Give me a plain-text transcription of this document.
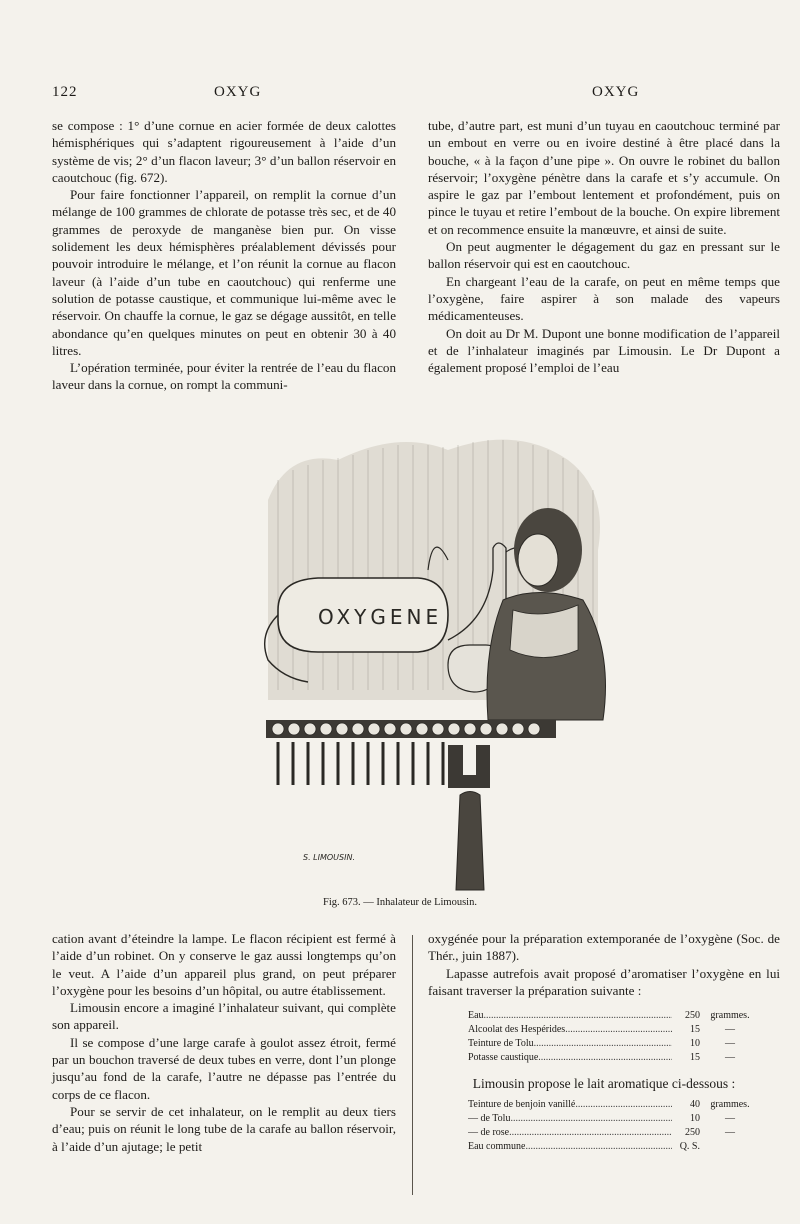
122	OXYG	OXYG

se compose : 1° d’une cornue en acier formée de deux calottes hémisphériques qui s’adaptent rigoureusement à l’aide d’un système de vis; 2° d’un flacon laveur; 3° d’un ballon réservoir en caoutchouc (fig. 672).

Pour faire fonctionner l’appareil, on remplit la cornue d’un mélange de 100 grammes de chlorate de potasse très sec, et de 40 grammes de peroxyde de manganèse bien pur. On visse solidement les deux hémisphères préalablement dévissés pour pouvoir introduire le mélange, et l’on réunit la cornue au flacon laveur (à l’aide d’un tube en caoutchouc) qui renferme une solution de potasse caustique, et communique lui-même avec le réservoir. On chauffe la cornue, le gaz se dégage aussitôt, en telle abondance qu’en quelques minutes on peut en obtenir 30 à 40 litres.

L’opération terminée, pour éviter la rentrée de l’eau du flacon laveur dans la cornue, on rompt la communi-

tube, d’autre part, est muni d’un tuyau en caoutchouc terminé par un embout en verre ou en ivoire destiné à être placé dans la bouche, « à la façon d’une pipe ». On ouvre le robinet du ballon réservoir; l’oxygène pénètre dans la carafe et s’y accumule. On aspire le gaz par l’embout lentement et profondément, puis on pince le tuyau et retire l’embout de la bouche. On expire librement et on recommence ensuite la manœuvre, et ainsi de suite.

On peut augmenter le dégagement du gaz en pressant sur le ballon réservoir qui est en caoutchouc.

En chargeant l’eau de la carafe, on peut en même temps que l’oxygène, faire aspirer à son malade des vapeurs médicamenteuses.

On doit au Dr M. Dupont une bonne modification de l’appareil et de l’inhalateur imaginés par Limousin. Le Dr Dupont a également proposé l’emploi de l’eau

OXYGENE
S. LIMOUSIN.
Fig. 673. — Inhalateur de Limousin.

cation avant d’éteindre la lampe. Le flacon récipient est fermé à l’aide d’un robinet. On y conserve le gaz aussi longtemps qu’on le veut. A l’aide d’un appareil plus grand, on peut préparer l’oxygène pour les besoins d’un hôpital, ou autre établissement.

Limousin encore a imaginé l’inhalateur suivant, qui complète son appareil.

Il se compose d’une large carafe à goulot assez étroit, fermé par un bouchon traversé de deux tubes en verre, dont l’un plonge jusqu’au fond de la carafe, l’autre ne dépasse pas l’entrée du corps de ce flacon.

Pour se servir de cet inhalateur, on le remplit au deux tiers d’eau; puis on réunit le long tube de la carafe au ballon réservoir, à l’aide d’un ajutage; le petit

oxygénée pour la préparation extemporanée de l’oxygène (Soc. de Thér., juin 1887).

Lapasse autrefois avait proposé d’aromatiser l’oxygène en lui faisant traverser la préparation suivante :

Eau .....	250	grammes.
Alcoolat des Hespérides .....	15	—
Teinture de Tolu .....	10	—
Potasse caustique .....	15	—
Limousin propose le lait aromatique ci-dessous :
Teinture de benjoin vanillé .....	40	grammes.
— de Tolu .....	10	—
— de rose .....	250	—
Eau commune .....	Q. S.
